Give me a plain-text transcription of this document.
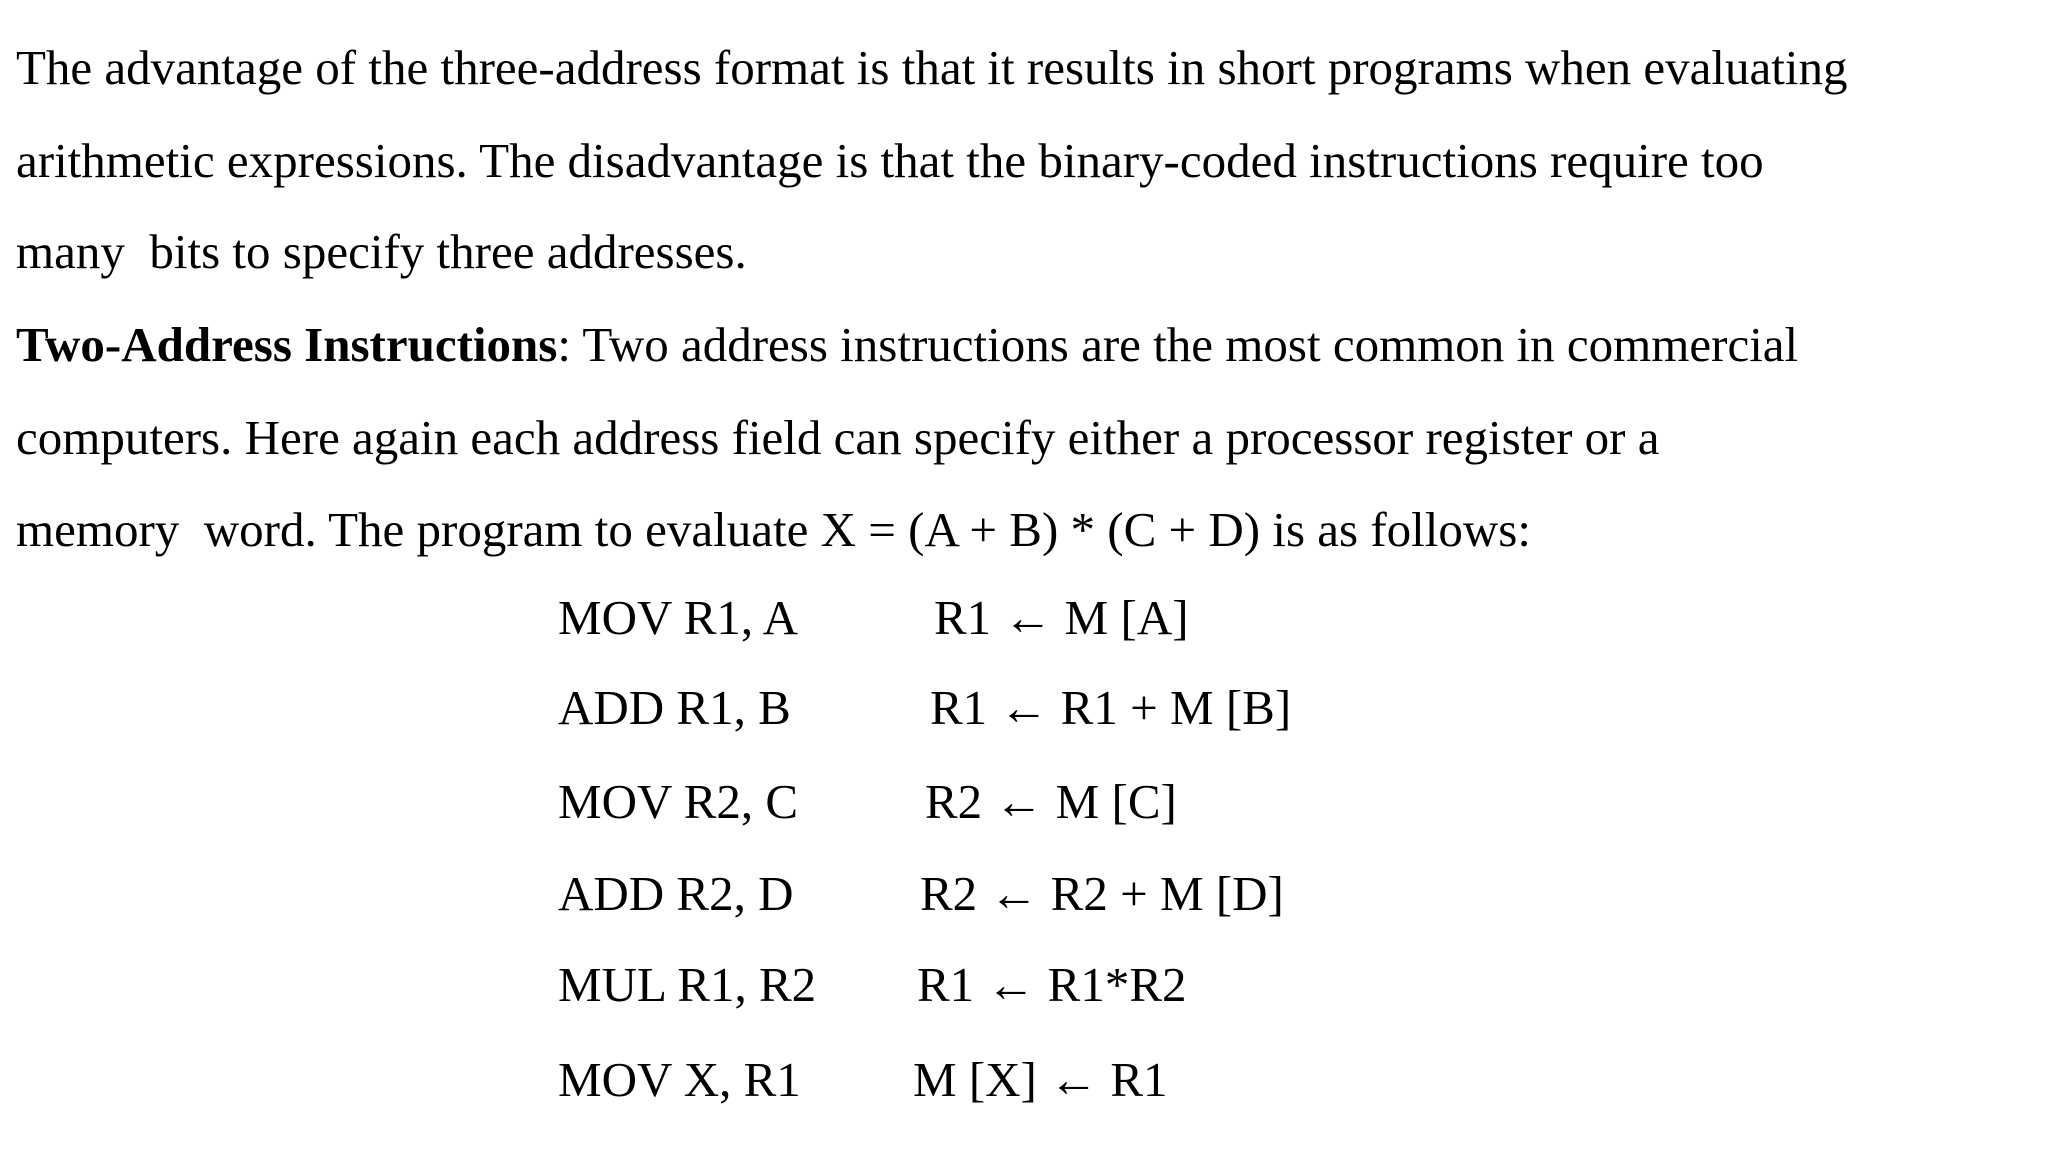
The advantage of the three-address format is that it results in short programs when evaluating
arithmetic expressions. The disadvantage is that the binary-coded instructions require too
many  bits to specify three addresses.
Two-Address Instructions: Two address instructions are the most common in commercial
computers. Here again each address field can specify either a processor register or a
memory  word. The program to evaluate X = (A + B) * (C + D) is as follows:
MOV R1, A	R1 ← M [A]
ADD R1, B	R1 ← R1 + M [B]
MOV R2, C	R2 ← M [C]
ADD R2, D	R2 ← R2 + M [D]
MUL R1, R2 R1 ← R1*R2
MOV X, R1 M [X] ← R1
